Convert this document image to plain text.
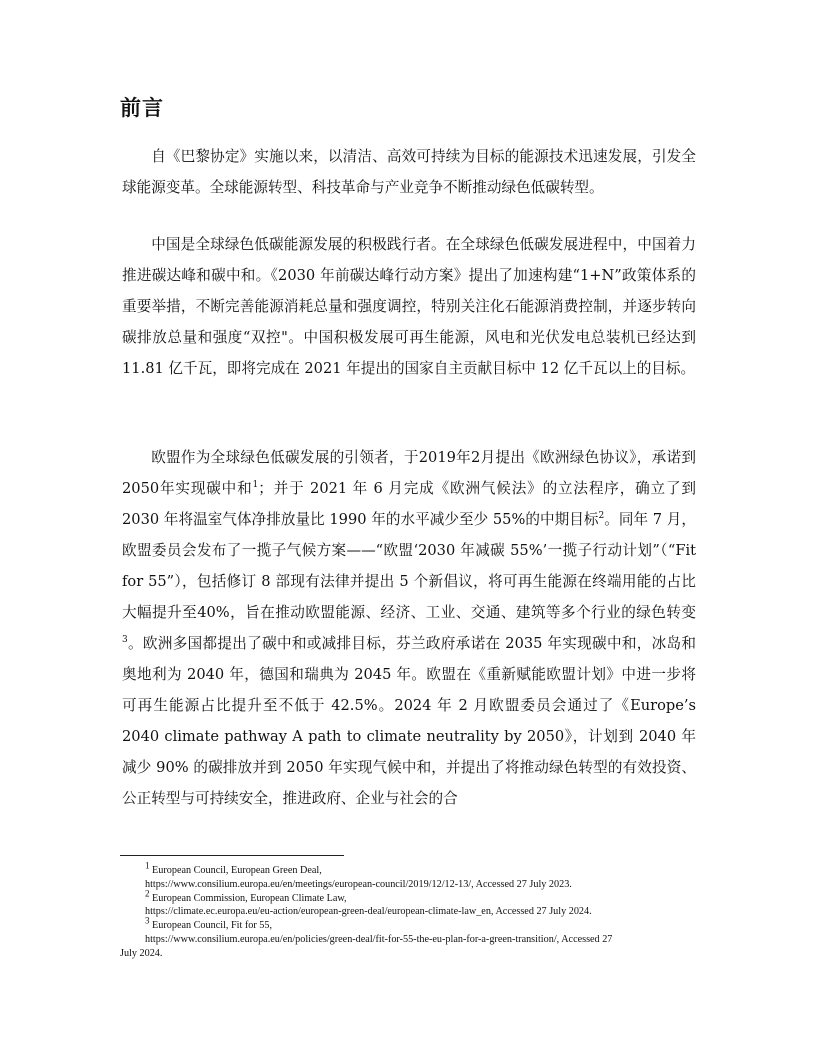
前言

自《巴黎协定》实施以来，以清洁、高效可持续为目标的能源技术迅速发展，引发全球能源变革。全球能源转型、科技革命与产业竞争不断推动绿色低碳转型。

中国是全球绿色低碳能源发展的积极践行者。在全球绿色低碳发展进程中，中国着力推进碳达峰和碳中和。《2030 年前碳达峰行动方案》提出了加速构建“1+N”政策体系的重要举措，不断完善能源消耗总量和强度调控，特别关注化石能源消费控制，并逐步转向碳排放总量和强度“双控"。中国积极发展可再生能源，风电和光伏发电总装机已经达到 11.81 亿千瓦，即将完成在 2021 年提出的国家自主贡献目标中 12 亿千瓦以上的目标。

欧盟作为全球绿色低碳发展的引领者，于2019年2月提出《欧洲绿色协议》，承诺到2050年实现碳中和$^1$；并于 2021 年 6 月完成《欧洲气候法》的立法程序，确立了到 2030 年将温室气体净排放量比 1990 年的水平减少至少 55%的中期目标$^2$。同年 7 月，欧盟委员会发布了一揽子气候方案——“欧盟‘2030 年减碳 55%’一揽子行动计划”（“Fit for 55”），包括修订 8 部现有法律并提出 5 个新倡议，将可再生能源在终端用能的占比大幅提升至40%，旨在推动欧盟能源、经济、工业、交通、建筑等多个行业的绿色转变$^3$。欧洲多国都提出了碳中和或减排目标，芬兰政府承诺在 2035 年实现碳中和，冰岛和奥地利为 2040 年，德国和瑞典为 2045 年。欧盟在《重新赋能欧盟计划》中进一步将可再生能源占比提升至不低于 42.5%。2024 年 2 月欧盟委员会通过了《Europe’s 2040 climate pathway A path to climate neutrality by 2050》，计划到 2040 年减少 90% 的碳排放并到 2050 年实现气候中和，并提出了将推动绿色转型的有效投资、公正转型与可持续安全，推进政府、企业与社会的合

$^1$ European Council, European Green Deal,

https://www.consilium.europa.eu/en/meetings/european-council/2019/12/12-13/, Accessed 27 July 2023.

$^2$ European Commission, European Climate Law,

https://climate.ec.europa.eu/eu-action/european-green-deal/european-climate-law_en, Accessed 27 July 2024.

$^3$ European Council, Fit for 55,

https://www.consilium.europa.eu/en/policies/green-deal/fit-for-55-the-eu-plan-for-a-green-transition/, Accessed 27

July 2024.
